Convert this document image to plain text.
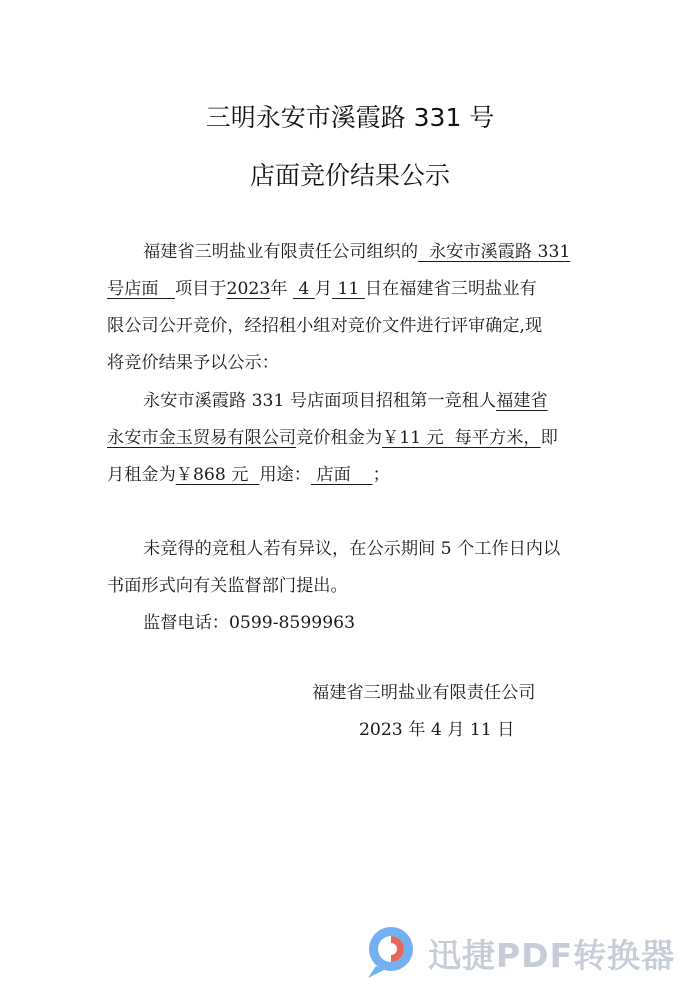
三明永安市溪霞路 331 号
店面竞价结果公示
福建省三明盐业有限责任公司组织的  永安市溪霞路 331
号店面   项目于2023年  4 月 11 日在福建省三明盐业有
限公司公开竞价，经招租小组对竞价文件进行评审确定,现
将竞价结果予以公示：
永安市溪霞路 331 号店面项目招租第一竞租人福建省
永安市金玉贸易有限公司竞价租金为￥11 元  每平方米，即
月租金为￥868 元  用途： 店面    ；
未竞得的竞租人若有异议，在公示期间 5 个工作日内以
书面形式向有关监督部门提出。
监督电话：0599-8599963
福建省三明盐业有限责任公司
2023 年 4 月 11 日
迅捷PDF转换器
